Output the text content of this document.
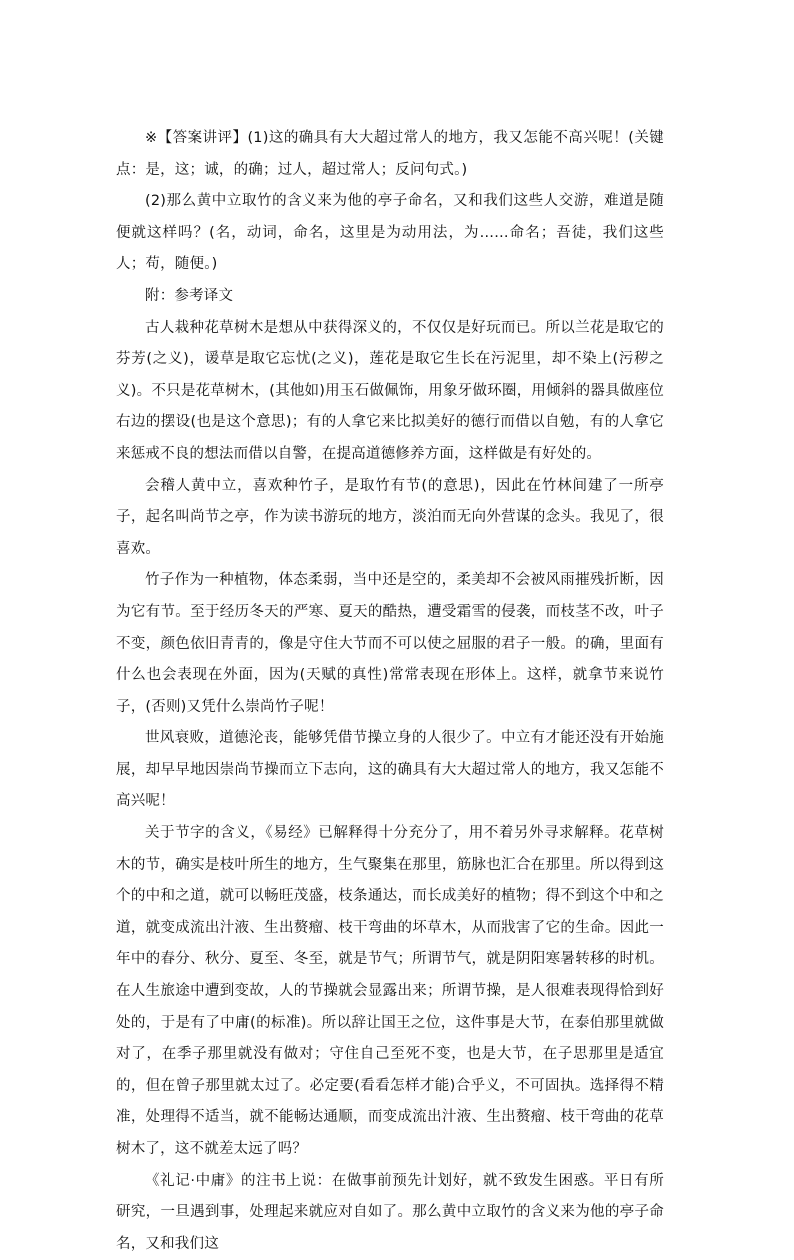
※【答案讲评】(1)这的确具有大大超过常人的地方，我又怎能不高兴呢！(关键点：是，这；诚，的确；过人，超过常人；反问句式。)

(2)那么黄中立取竹的含义来为他的亭子命名，又和我们这些人交游，难道是随便就这样吗？(名，动词，命名，这里是为动用法，为……命名；吾徒，我们这些人；苟，随便。)

附：参考译文

古人栽种花草树木是想从中获得深义的，不仅仅是好玩而已。所以兰花是取它的芬芳(之义)，谖草是取它忘忧(之义)，莲花是取它生长在污泥里，却不染上(污秽之义)。不只是花草树木，(其他如)用玉石做佩饰，用象牙做环圈，用倾斜的器具做座位右边的摆设(也是这个意思)；有的人拿它来比拟美好的德行而借以自勉，有的人拿它来惩戒不良的想法而借以自警，在提高道德修养方面，这样做是有好处的。

会稽人黄中立，喜欢种竹子，是取竹有节(的意思)，因此在竹林间建了一所亭子，起名叫尚节之亭，作为读书游玩的地方，淡泊而无向外营谋的念头。我见了，很喜欢。

竹子作为一种植物，体态柔弱，当中还是空的，柔美却不会被风雨摧残折断，因为它有节。至于经历冬天的严寒、夏天的酷热，遭受霜雪的侵袭，而枝茎不改，叶子不变，颜色依旧青青的，像是守住大节而不可以使之屈服的君子一般。的确，里面有什么也会表现在外面，因为(天赋的真性)常常表现在形体上。这样，就拿节来说竹子，(否则)又凭什么崇尚竹子呢！

世风衰败，道德沦丧，能够凭借节操立身的人很少了。中立有才能还没有开始施展，却早早地因崇尚节操而立下志向，这的确具有大大超过常人的地方，我又怎能不高兴呢！

关于节字的含义，《易经》已解释得十分充分了，用不着另外寻求解释。花草树木的节，确实是枝叶所生的地方，生气聚集在那里，筋脉也汇合在那里。所以得到这个的中和之道，就可以畅旺茂盛，枝条通达，而长成美好的植物；得不到这个中和之道，就变成流出汁液、生出赘瘤、枝干弯曲的坏草木，从而戕害了它的生命。因此一年中的春分、秋分、夏至、冬至，就是节气；所谓节气，就是阴阳寒暑转移的时机。在人生旅途中遭到变故，人的节操就会显露出来；所谓节操，是人很难表现得恰到好处的，于是有了中庸(的标准)。所以辞让国王之位，这件事是大节，在泰伯那里就做对了，在季子那里就没有做对；守住自己至死不变，也是大节，在子思那里是适宜的，但在曾子那里就太过了。必定要(看看怎样才能)合乎义，不可固执。选择得不精准，处理得不适当，就不能畅达通顺，而变成流出汁液、生出赘瘤、枝干弯曲的花草树木了，这不就差太远了吗？

《礼记·中庸》的注书上说：在做事前预先计划好，就不致发生困惑。平日有所研究，一旦遇到事，处理起来就应对自如了。那么黄中立取竹的含义来为他的亭子命名，又和我们这
